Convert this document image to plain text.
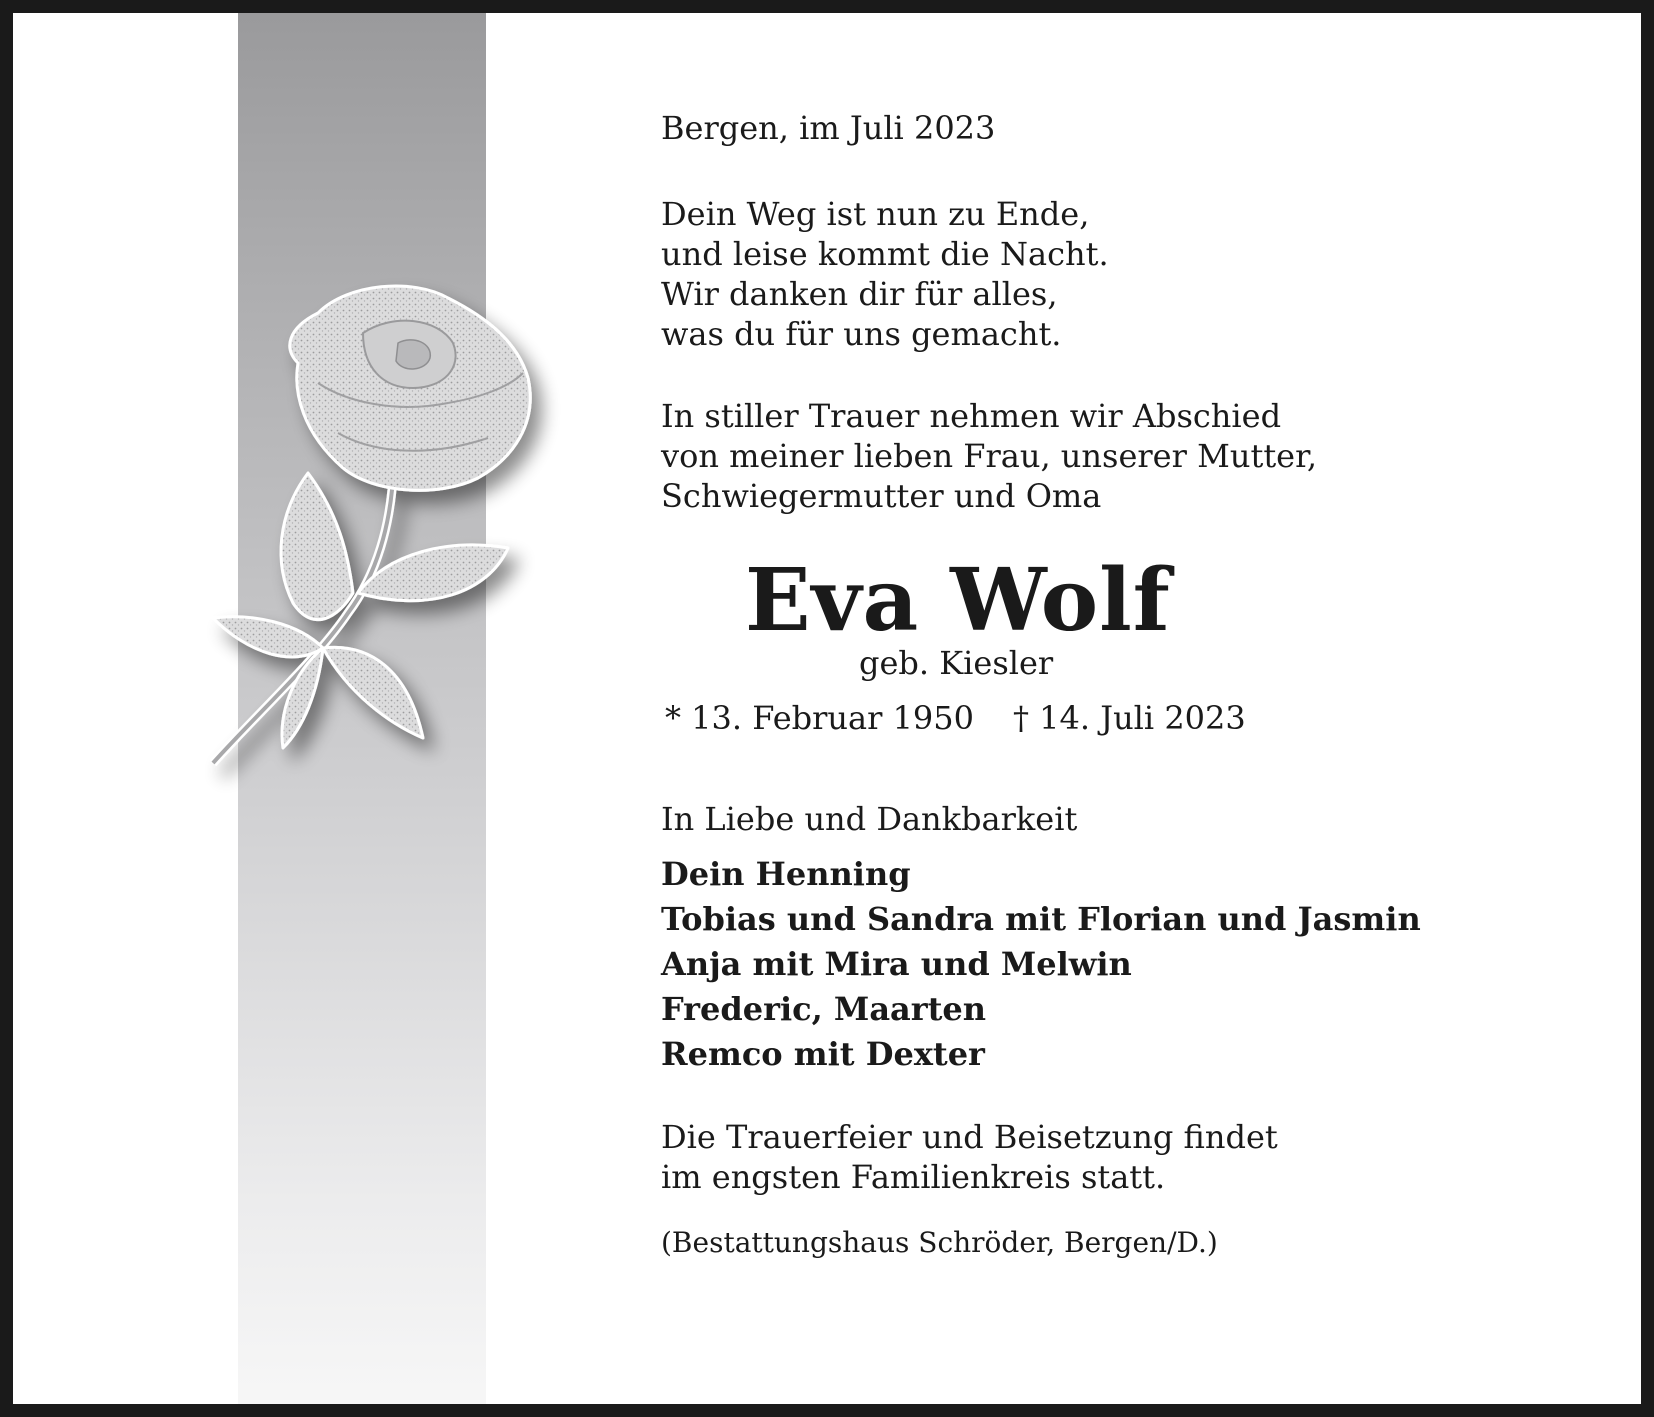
Bergen, im Juli 2023
Dein Weg ist nun zu Ende,
und leise kommt die Nacht.
Wir danken dir für alles,
was du für uns gemacht.
In stiller Trauer nehmen wir Abschied
von meiner lieben Frau, unserer Mutter,
Schwiegermutter und Oma
Eva Wolf
geb. Kiesler
* 13. Februar 1950 † 14. Juli 2023
In Liebe und Dankbarkeit
Dein Henning
Tobias und Sandra mit Florian und Jasmin
Anja mit Mira und Melwin
Frederic, Maarten
Remco mit Dexter
Die Trauerfeier und Beisetzung findet
im engsten Familienkreis statt.
(Bestattungshaus Schröder, Bergen/D.)
